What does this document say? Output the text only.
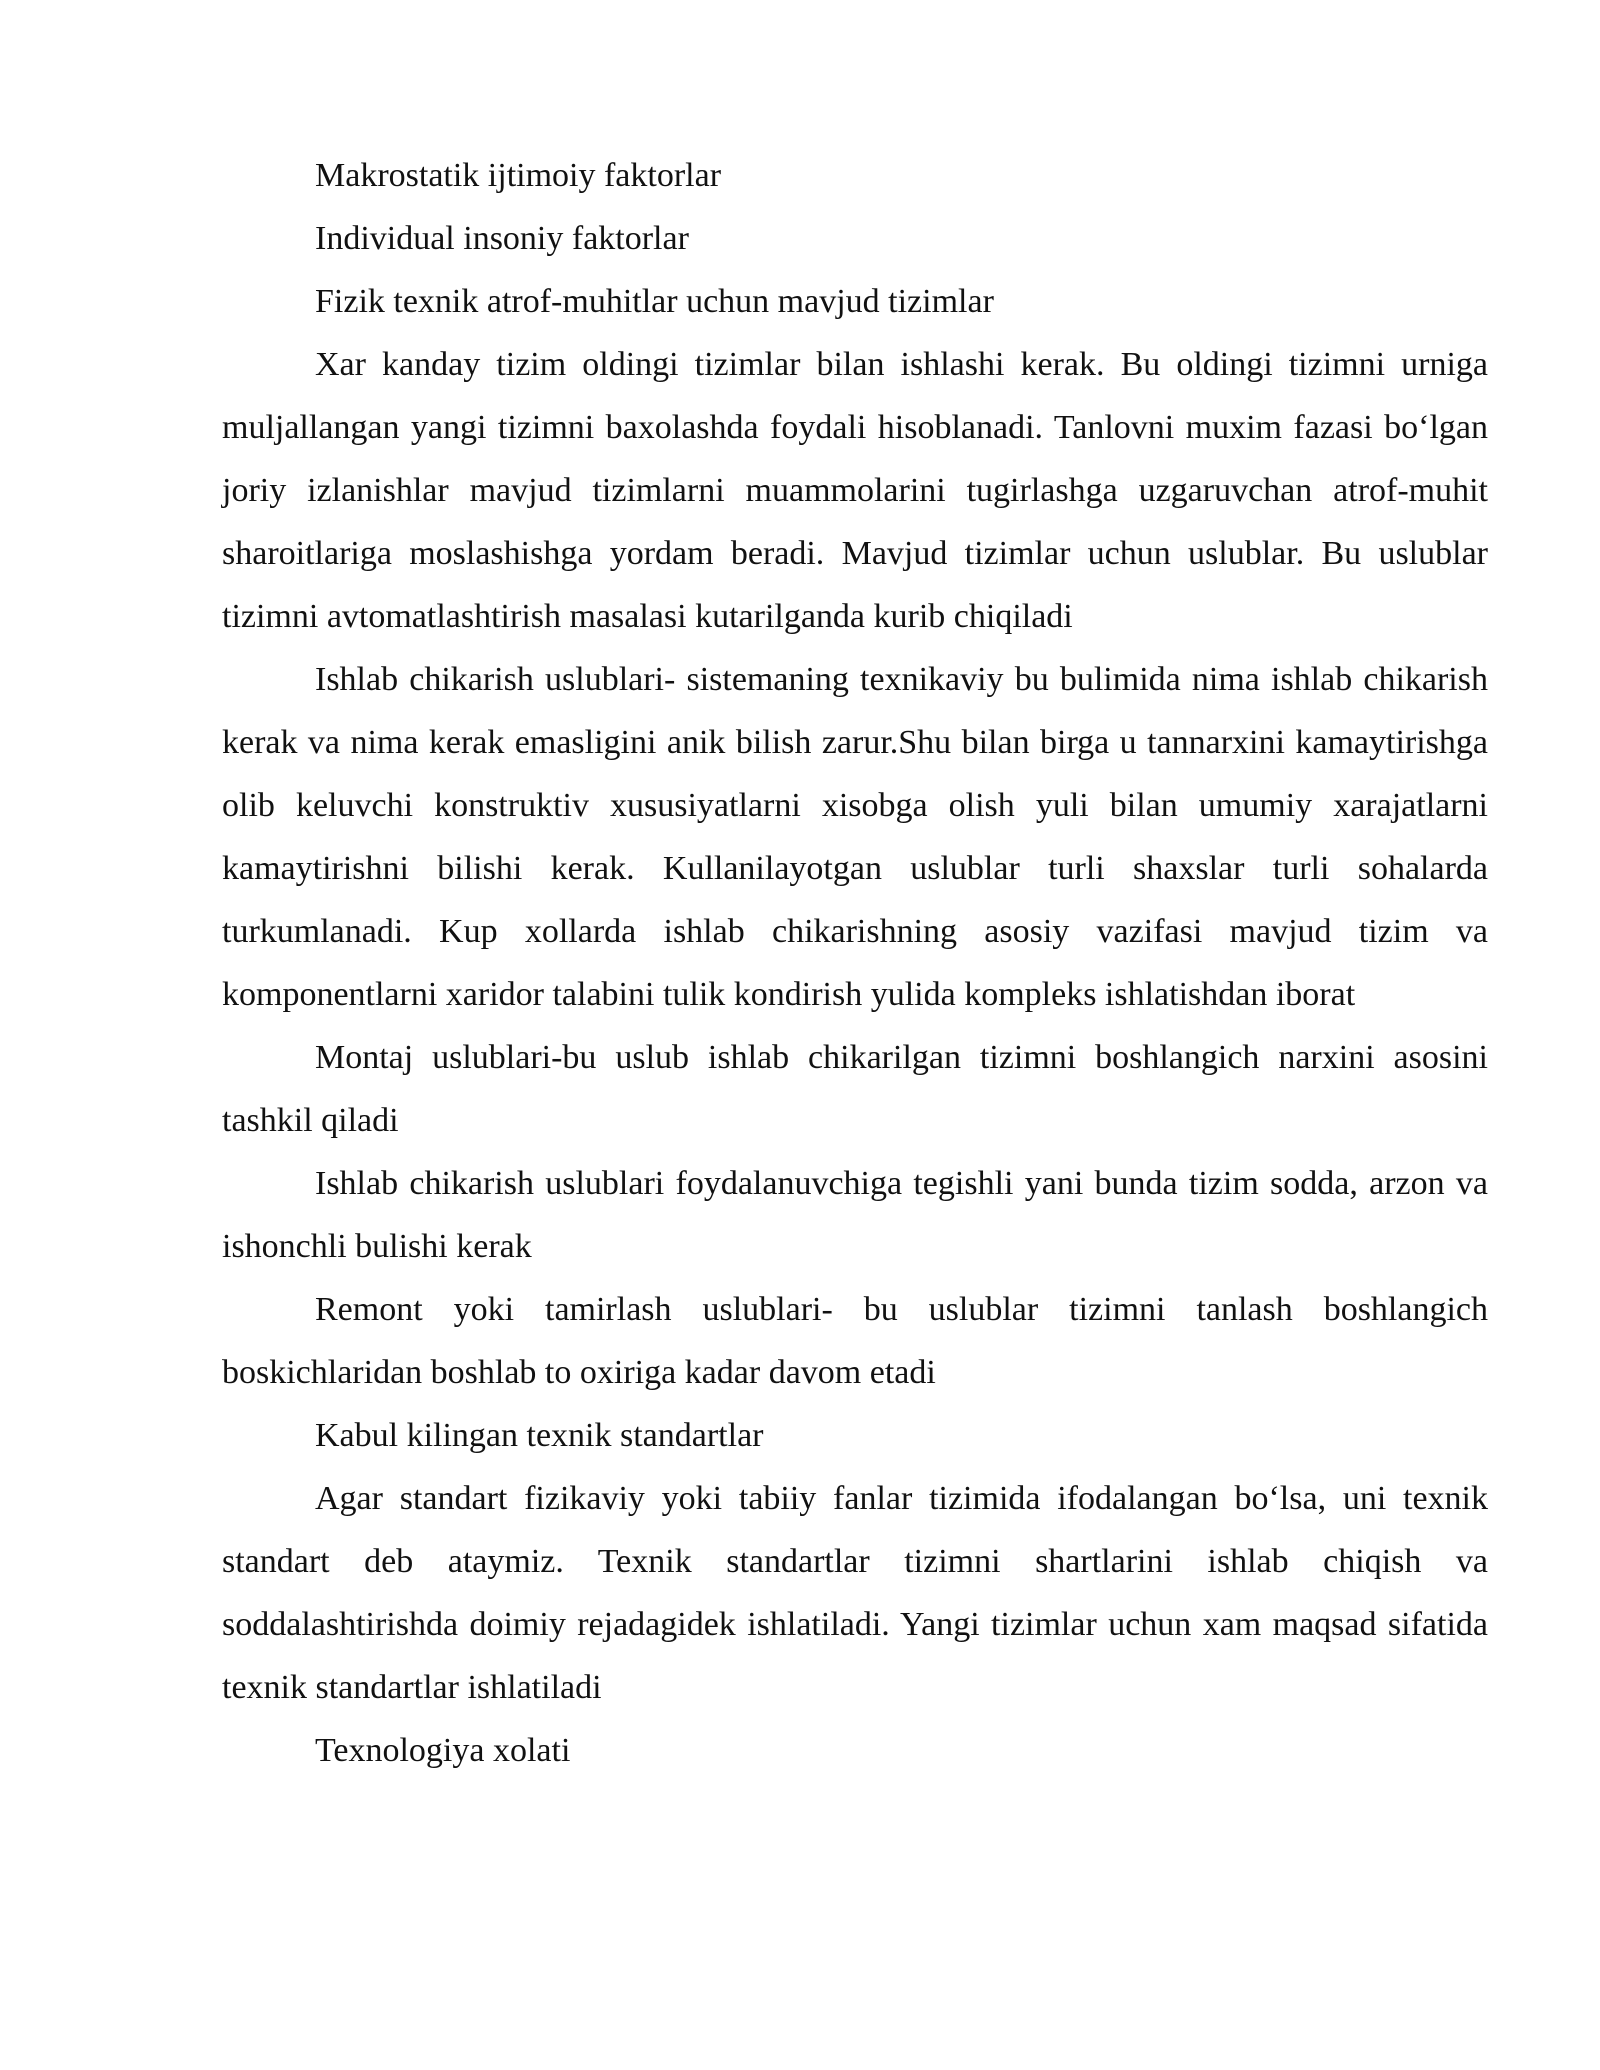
Makrostatik ijtimoiy faktorlar

Individual insoniy faktorlar

Fizik texnik atrof-muhitlar uchun mavjud tizimlar

Xar kanday tizim oldingi tizimlar bilan ishlashi kerak. Bu oldingi tizimni urniga muljallangan yangi tizimni baxolashda foydali hisoblanadi. Tanlovni muxim fazasi bo‘lgan joriy izlanishlar mavjud tizimlarni muammolarini tugirlashga uzgaruvchan atrof-muhit sharoitlariga moslashishga yordam beradi. Mavjud tizimlar uchun uslublar. Bu uslublar tizimni avtomatlashtirish masalasi kutarilganda kurib chiqiladi

Ishlab chikarish uslublari- sistemaning texnikaviy bu bulimida nima ishlab chikarish kerak va nima kerak emasligini anik bilish zarur.Shu bilan birga u tannarxini kamaytirishga olib keluvchi konstruktiv xususiyatlarni xisobga olish yuli bilan umumiy xarajatlarni kamaytirishni bilishi kerak. Kullanilayotgan uslublar turli shaxslar turli sohalarda turkumlanadi. Kup xollarda ishlab chikarishning asosiy vazifasi mavjud tizim va komponentlarni xaridor talabini tulik kondirish yulida kompleks ishlatishdan iborat

Montaj uslublari-bu uslub ishlab chikarilgan tizimni boshlangich narxini asosini tashkil qiladi

Ishlab chikarish uslublari foydalanuvchiga tegishli yani bunda tizim sodda, arzon va ishonchli bulishi kerak

Remont yoki tamirlash uslublari- bu uslublar tizimni tanlash boshlangich boskichlaridan boshlab to oxiriga kadar davom etadi

Kabul kilingan texnik standartlar

Agar standart fizikaviy yoki tabiiy fanlar tizimida ifodalangan bo‘lsa, uni texnik standart deb ataymiz. Texnik standartlar tizimni shartlarini ishlab chiqish va soddalashtirishda doimiy rejadagidek ishlatiladi. Yangi tizimlar uchun xam maqsad sifatida texnik standartlar ishlatiladi

Texnologiya xolati
